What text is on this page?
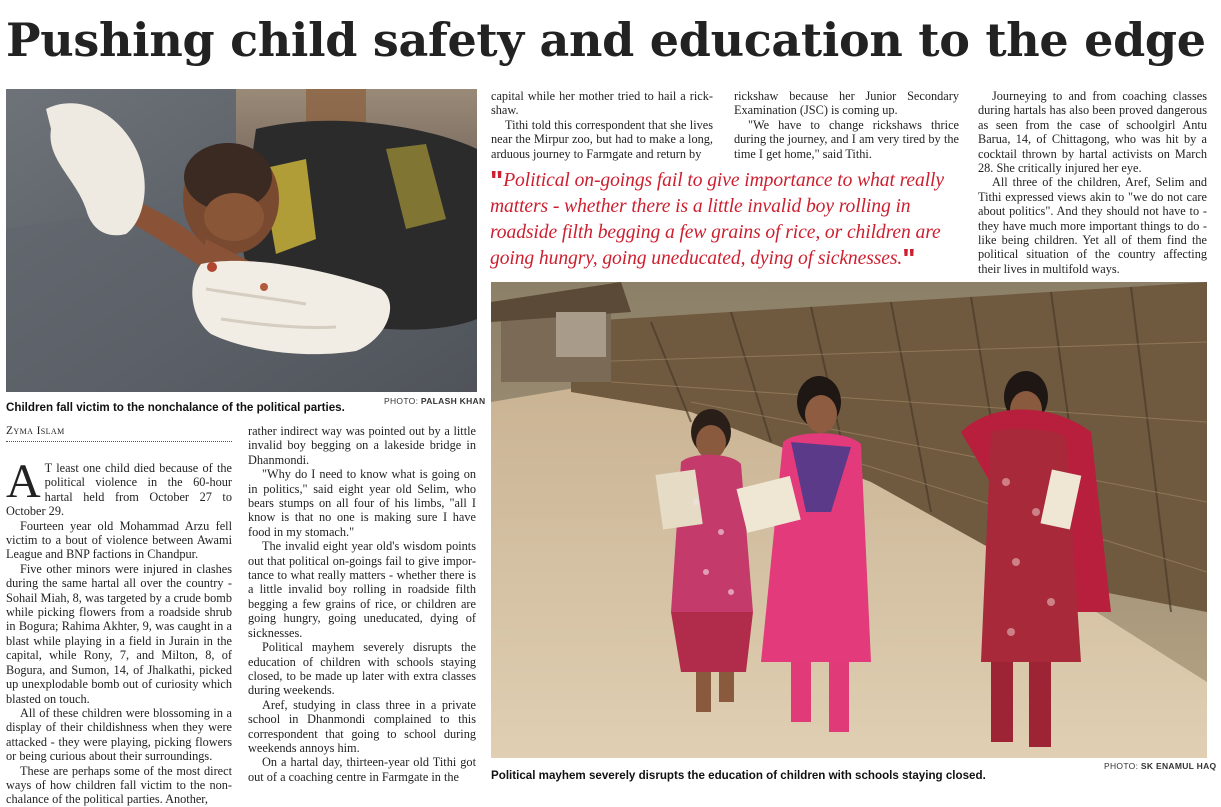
Pushing child safety and education to the edge
PHOTO: PALASH KHAN
Children fall victim to the nonchalance of the political parties.
Zyma Islam

A T least one child died because of the political violence in the 60-hour hartal held from October 27 to October 29.

Fourteen year old Mohammad Arzu fell victim to a bout of violence between Awami League and BNP factions in Chandpur.

Five other minors were injured in clashes during the same hartal all over the country - Sohail Miah, 8, was targeted by a crude bomb while picking flowers from a roadside shrub in Bogura; Rahima Akhter, 9, was caught in a blast while playing in a field in Jurain in the capital, while Rony, 7, and Milton, 8, of Bogura, and Sumon, 14, of Jhalkathi, picked up unexplodable bomb out of curiosity which blasted on touch.

All of these children were blossoming in a display of their childishness when they were attacked - they were playing, picking flowers or being curious about their surroundings.

These are perhaps some of the most direct ways of how children fall victim to the non-chalance of the political parties. Another,

rather indirect way was pointed out by a little invalid boy begging on a lakeside bridge in Dhanmondi.

"Why do I need to know what is going on in politics," said eight year old Selim, who bears stumps on all four of his limbs, "all I know is that no one is making sure I have food in my stomach."

The invalid eight year old's wisdom points out that political on-goings fail to give impor-tance to what really matters - whether there is a little invalid boy rolling in roadside filth begging a few grains of rice, or children are going hungry, going uneducated, dying of sicknesses.

Political mayhem severely disrupts the education of children with schools staying closed, to be made up later with extra classes during weekends.

Aref, studying in class three in a private school in Dhanmondi complained to this correspondent that going to school during weekends annoys him.

On a hartal day, thirteen-year old Tithi got out of a coaching centre in Farmgate in the

capital while her mother tried to hail a rick-shaw.

Tithi told this correspondent that she lives near the Mirpur zoo, but had to make a long, arduous journey to Farmgate and return by

rickshaw because her Junior Secondary Examination (JSC) is coming up.

"We have to change rickshaws thrice during the journey, and I am very tired by the time I get home," said Tithi.

"Political on-goings fail to give importance to what really matters - whether there is a little invalid boy rolling in roadside filth begging a few grains of rice, or children are going hungry, going uneducated, dying of sicknesses."

Journeying to and from coaching classes during hartals has also been proved dangerous as seen from the case of schoolgirl Antu Barua, 14, of Chittagong, who was hit by a cocktail thrown by hartal activists on March 28. She critically injured her eye.

All three of the children, Aref, Selim and Tithi expressed views akin to "we do not care about politics". And they should not have to - they have much more important things to do - like being children. Yet all of them find the political situation of the country affecting their lives in multifold ways.

PHOTO: SK ENAMUL HAQ
Political mayhem severely disrupts the education of children with schools staying closed.
